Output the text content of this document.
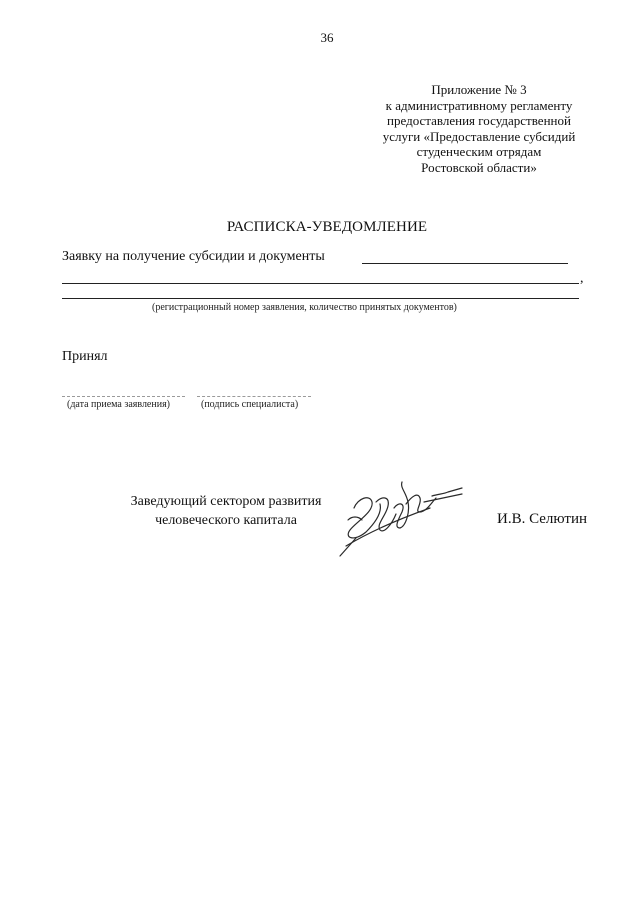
36
Приложение № 3
к административному регламенту
предоставления государственной
услуги «Предоставление субсидий
студенческим отрядам
Ростовской области»
РАСПИСКА-УВЕДОМЛЕНИЕ
Заявку на получение субсидии и документы
,
(регистрационный номер заявления, количество принятых документов)
Принял
(дата приема заявления)	(подпись специалиста)
Заведующий сектором развития
человеческого капитала	И.В. Селютин
